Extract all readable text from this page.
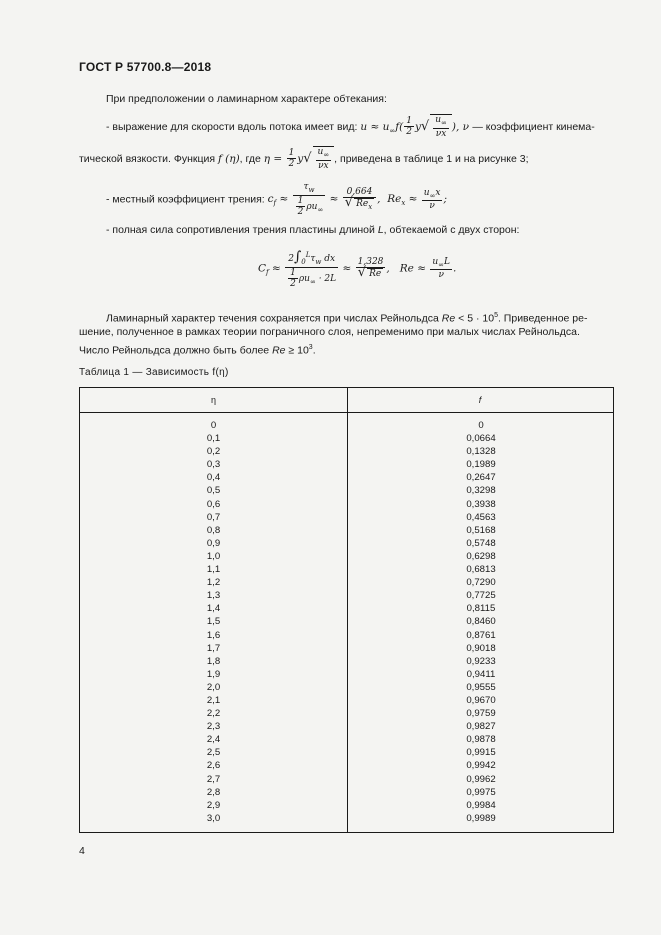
ГОСТ Р 57700.8—2018
При предположении о ламинарном характере обтекания:
- выражение для скорости вдоль потока имеет вид: $u \approx u_\infty f( \frac{1}{2} y√ \frac{u_\infty}{\nu x}$ ), ν — коэффициент кинема-
тической вязкости. Функция f (η), где $\eta = \frac{1}{2} y√ \frac{u_\infty}{\nu x}$ , приведена в таблице 1 и на рисунке 3;
- местный коэффициент трения: $c_f \approx \frac{\tau_w}{\frac{1}{2} \rho u_\infty} \approx \frac{0,664}{√ Re_x}$ , $Re_x \approx \frac{u_\infty x}{\nu}$ ;
- полная сила сопротивления трения пластины длиной L, обтекаемой с двух сторон:
$C_f \approx \frac{2\int_0^L\tau_w dx}{\frac{1}{2} \rho u_\infty \cdot 2L} \approx \frac{1,328}{√ Re}$ , $Re \approx \frac{u_\infty L}{\nu}$ .
Ламинарный характер течения сохраняется при числах Рейнольдса $Re < 5 \cdot 10^5$. Приведенное ре-
шение, полученное в рамках теории пограничного слоя, непременимо при малых числах Рейнольдса.
Число Рейнольдса должно быть более $Re \ge 10^3$.
Таблица 1 — Зависимость f(η)
η	f
0
0,1
0,2
0,3
0,4
0,5
0,6
0,7
0,8
0,9
1,0
1,1
1,2
1,3
1,4
1,5
1,6
1,7
1,8
1,9
2,0
2,1
2,2
2,3
2,4
2,5
2,6
2,7
2,8
2,9
3,0
0
0,0664
0,1328
0,1989
0,2647
0,3298
0,3938
0,4563
0,5168
0,5748
0,6298
0,6813
0,7290
0,7725
0,8115
0,8460
0,8761
0,9018
0,9233
0,9411
0,9555
0,9670
0,9759
0,9827
0,9878
0,9915
0,9942
0,9962
0,9975
0,9984
0,9989
4
